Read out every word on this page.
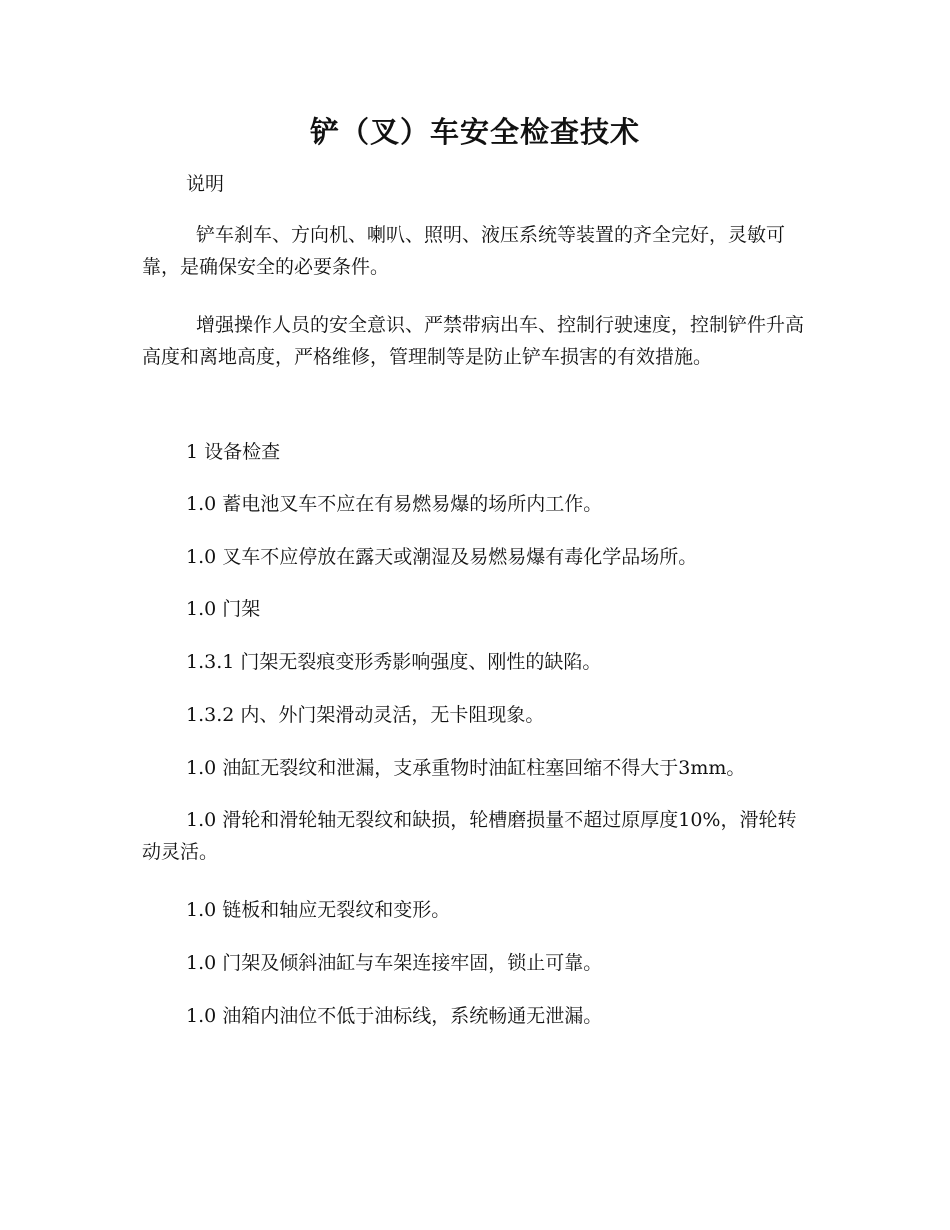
铲（叉）车安全检查技术

说明

铲车刹车、方向机、喇叭、照明、液压系统等装置的齐全完好，灵敏可靠，是确保安全的必要条件。

增强操作人员的安全意识、严禁带病出车、控制行驶速度，控制铲件升高高度和离地高度，严格维修，管理制等是防止铲车损害的有效措施。

1 设备检查

1.0 蓄电池叉车不应在有易燃易爆的场所内工作。

1.0 叉车不应停放在露天或潮湿及易燃易爆有毒化学品场所。

1.0 门架

1.3.1 门架无裂痕变形秀影响强度、刚性的缺陷。

1.3.2 内、外门架滑动灵活，无卡阻现象。

1.0 油缸无裂纹和泄漏，支承重物时油缸柱塞回缩不得大于3mm。

1.0 滑轮和滑轮轴无裂纹和缺损，轮槽磨损量不超过原厚度10%，滑轮转动灵活。

1.0 链板和轴应无裂纹和变形。

1.0 门架及倾斜油缸与车架连接牢固，锁止可靠。

1.0 油箱内油位不低于油标线，系统畅通无泄漏。
